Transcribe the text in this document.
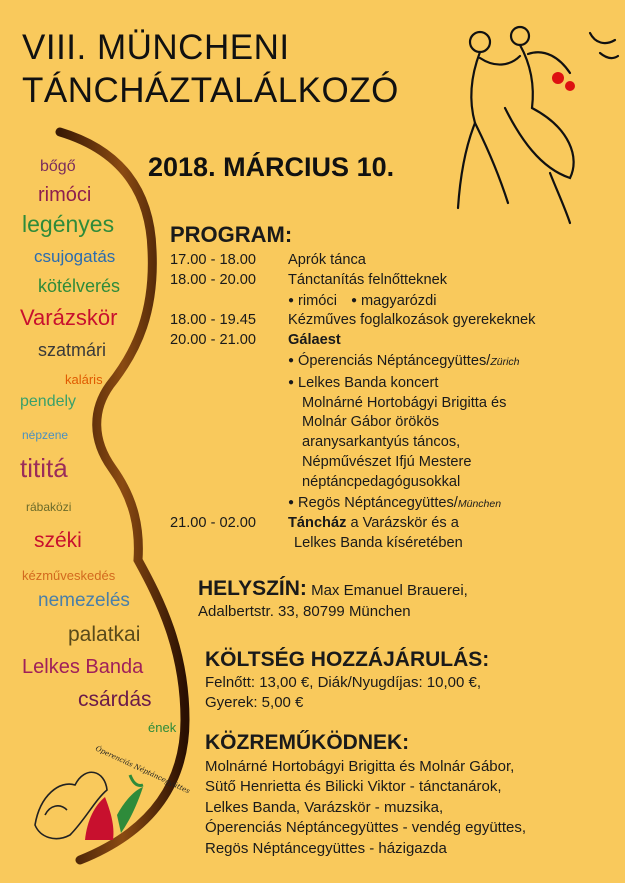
Óperenciás Néptáncegyüttes
VIII. MÜNCHENI
TÁNCHÁZTALÁLKOZÓ
2018. MÁRCIUS 10.
bőgő
rimóci
legényes
csujogatás
kötélverés
Varázskör
szatmári
kaláris
pendely
népzene
tititá
rábaközi
széki
kézműveskedés
nemezelés
palatkai
Lelkes Banda
csárdás
ének
PROGRAM:
17.00 - 18.00	Aprók tánca
18.00 - 20.00	Tánctanítás felnőtteknek
● rimóci
●	magyarózdi
18.00 - 19.45	Kézműves foglalkozások gyerekeknek
20.00 - 21.00	Gálaest
● Óperenciás Néptáncegyüttes/Zürich
● Lelkes Banda koncert
Molnárné Hortobágyi Brigitta és
Molnár Gábor örökös
aranysarkantyús táncos,
Népművészet Ifjú Mestere
néptáncpedagógusokkal
● Regös Néptáncegyüttes/München
21.00 - 02.00	Táncház a Varázskör és a
Lelkes Banda kíséretében
HELYSZÍN: Max Emanuel Brauerei,
Adalbertstr. 33, 80799 München
KÖLTSÉG HOZZÁJÁRULÁS:
Felnőtt: 13,00 €, Diák/Nyugdíjas: 10,00 €,
Gyerek: 5,00 €
KÖZREMŰKÖDNEK:
Molnárné Hortobágyi Brigitta és Molnár Gábor,
Sütő Henrietta és Bilicki Viktor - tánctanárok,
Lelkes Banda, Varázskör - muzsika,
Óperenciás Néptáncegyüttes - vendég együttes,
Regös Néptáncegyüttes - házigazda
